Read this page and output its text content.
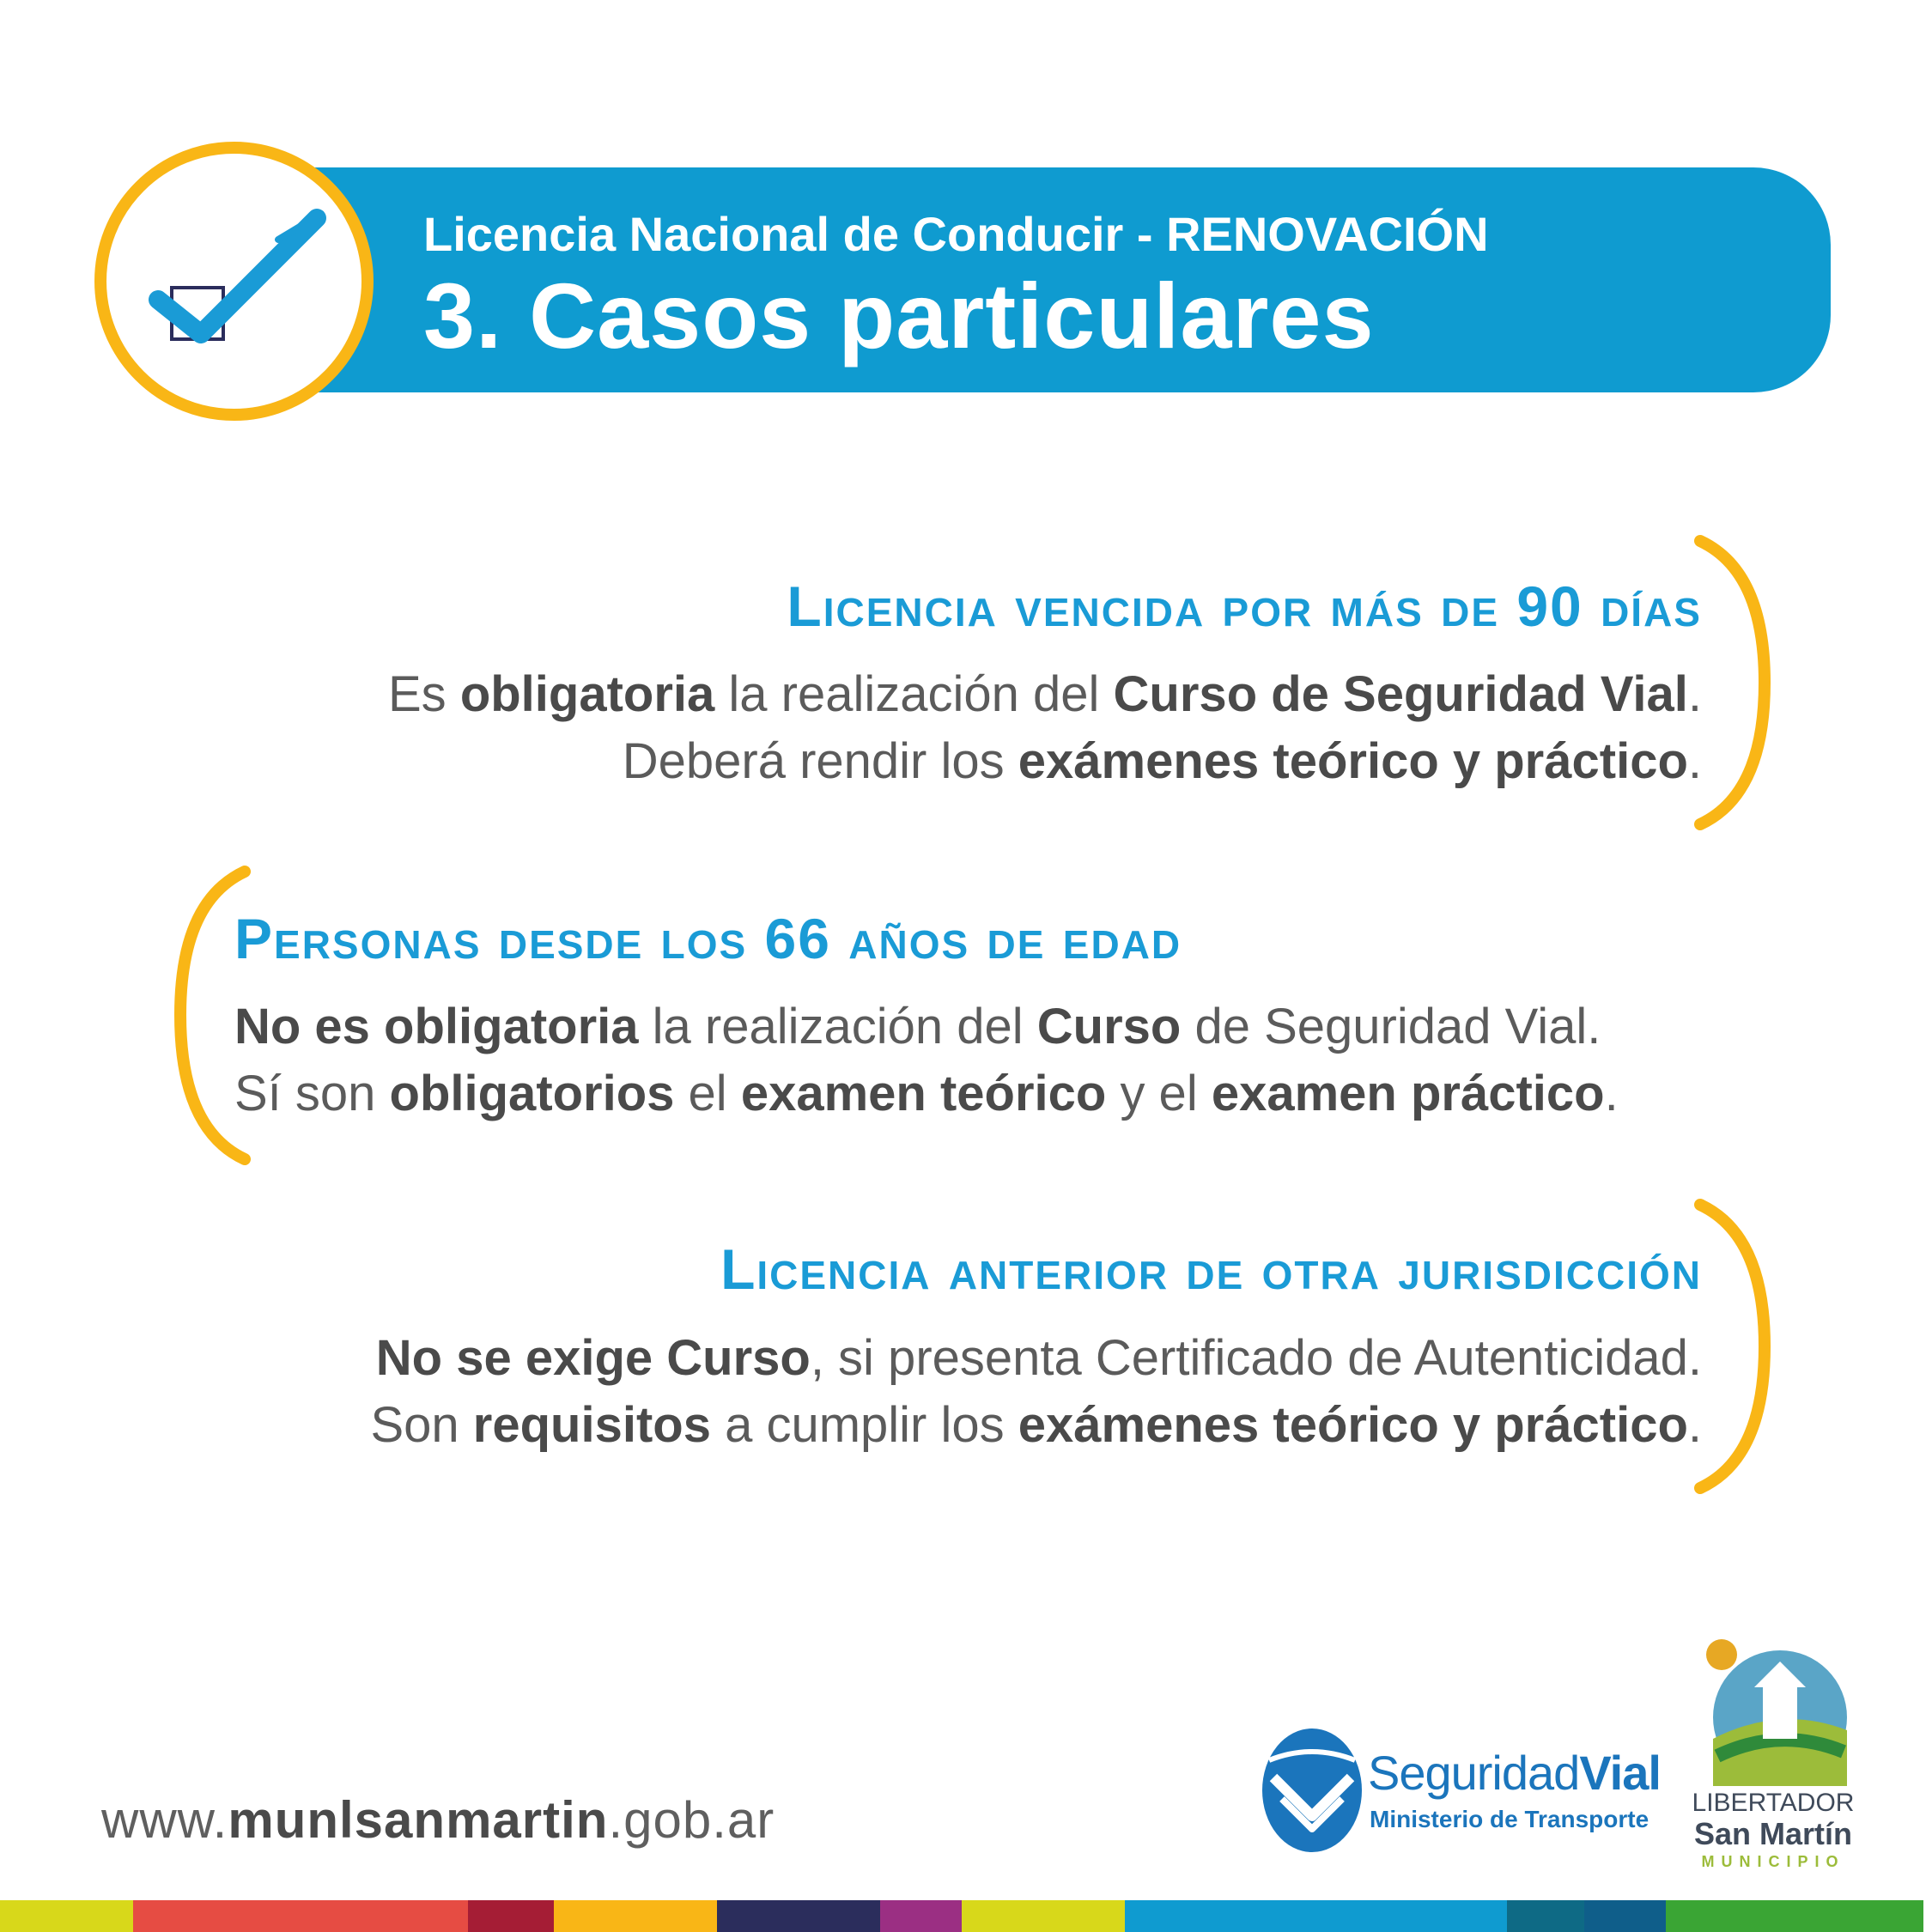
Licencia Nacional de Conducir - RENOVACIÓN
3. Casos particulares
Licencia vencida por más de 90 días
Es obligatoria la realización del Curso de Seguridad Vial.
Deberá rendir los exámenes teórico y práctico.
Personas desde los 66 años de edad
No es obligatoria la realización del Curso de Seguridad Vial.
Sí son obligatorios el examen teórico y el examen práctico.
Licencia anterior de otra jurisdicción
No se exige Curso, si presenta Certificado de Autenticidad.
Son requisitos a cumplir los exámenes teórico y práctico.
www.munlsanmartin.gob.ar
SeguridadVial
Ministerio de Transporte
LIBERTADOR
San Martín
MUNICIPIO
